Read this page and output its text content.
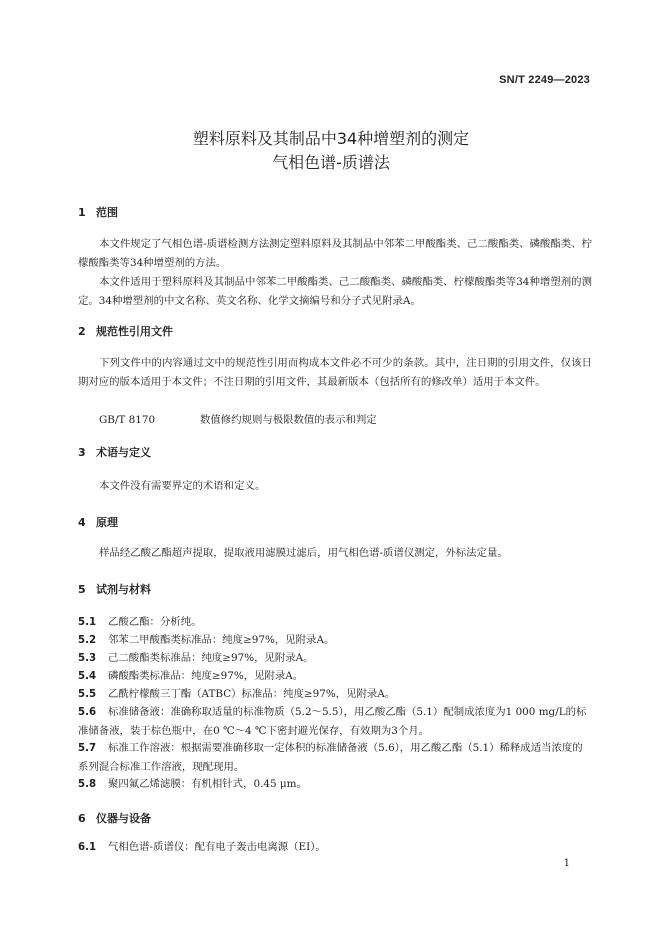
SN/T 2249—2023
塑料原料及其制品中34种增塑剂的测定
气相色谱-质谱法
1 范围

本文件规定了气相色谱-质谱检测方法测定塑料原料及其制品中邻苯二甲酸酯类、己二酸酯类、磷酸酯类、柠檬酸酯类等34种增塑剂的方法。

本文件适用于塑料原料及其制品中邻苯二甲酸酯类、己二酸酯类、磷酸酯类、柠檬酸酯类等34种增塑剂的测定。34种增塑剂的中文名称、英文名称、化学文摘编号和分子式见附录A。

2 规范性引用文件

下列文件中的内容通过文中的规范性引用而构成本文件必不可少的条款。其中，注日期的引用文件，仅该日期对应的版本适用于本文件；不注日期的引用文件，其最新版本（包括所有的修改单）适用于本文件。

GB/T 8170	数值修约规则与极限数值的表示和判定
3 术语与定义

本文件没有需要界定的术语和定义。

4 原理

样品经乙酸乙酯超声提取，提取液用滤膜过滤后，用气相色谱-质谱仪测定，外标法定量。

5 试剂与材料

5.1 乙酸乙酯：分析纯。

5.2 邻苯二甲酸酯类标准品：纯度≥97%，见附录A。

5.3 己二酸酯类标准品：纯度≥97%，见附录A。

5.4 磷酸酯类标准品：纯度≥97%，见附录A。

5.5 乙酰柠檬酸三丁酯（ATBC）标准品：纯度≥97%，见附录A。

5.6 标准储备液：准确称取适量的标准物质（5.2～5.5），用乙酸乙酯（5.1）配制成浓度为1 000 mg/L的标准储备液，装于棕色瓶中，在0 ℃～4 ℃下密封避光保存，有效期为3个月。

5.7 标准工作溶液：根据需要准确移取一定体积的标准储备液（5.6），用乙酸乙酯（5.1）稀释成适当浓度的系列混合标准工作溶液，现配现用。

5.8 聚四氟乙烯滤膜：有机相针式，0.45 μm。

6 仪器与设备

6.1 气相色谱-质谱仪：配有电子轰击电离源（EI）。

1
